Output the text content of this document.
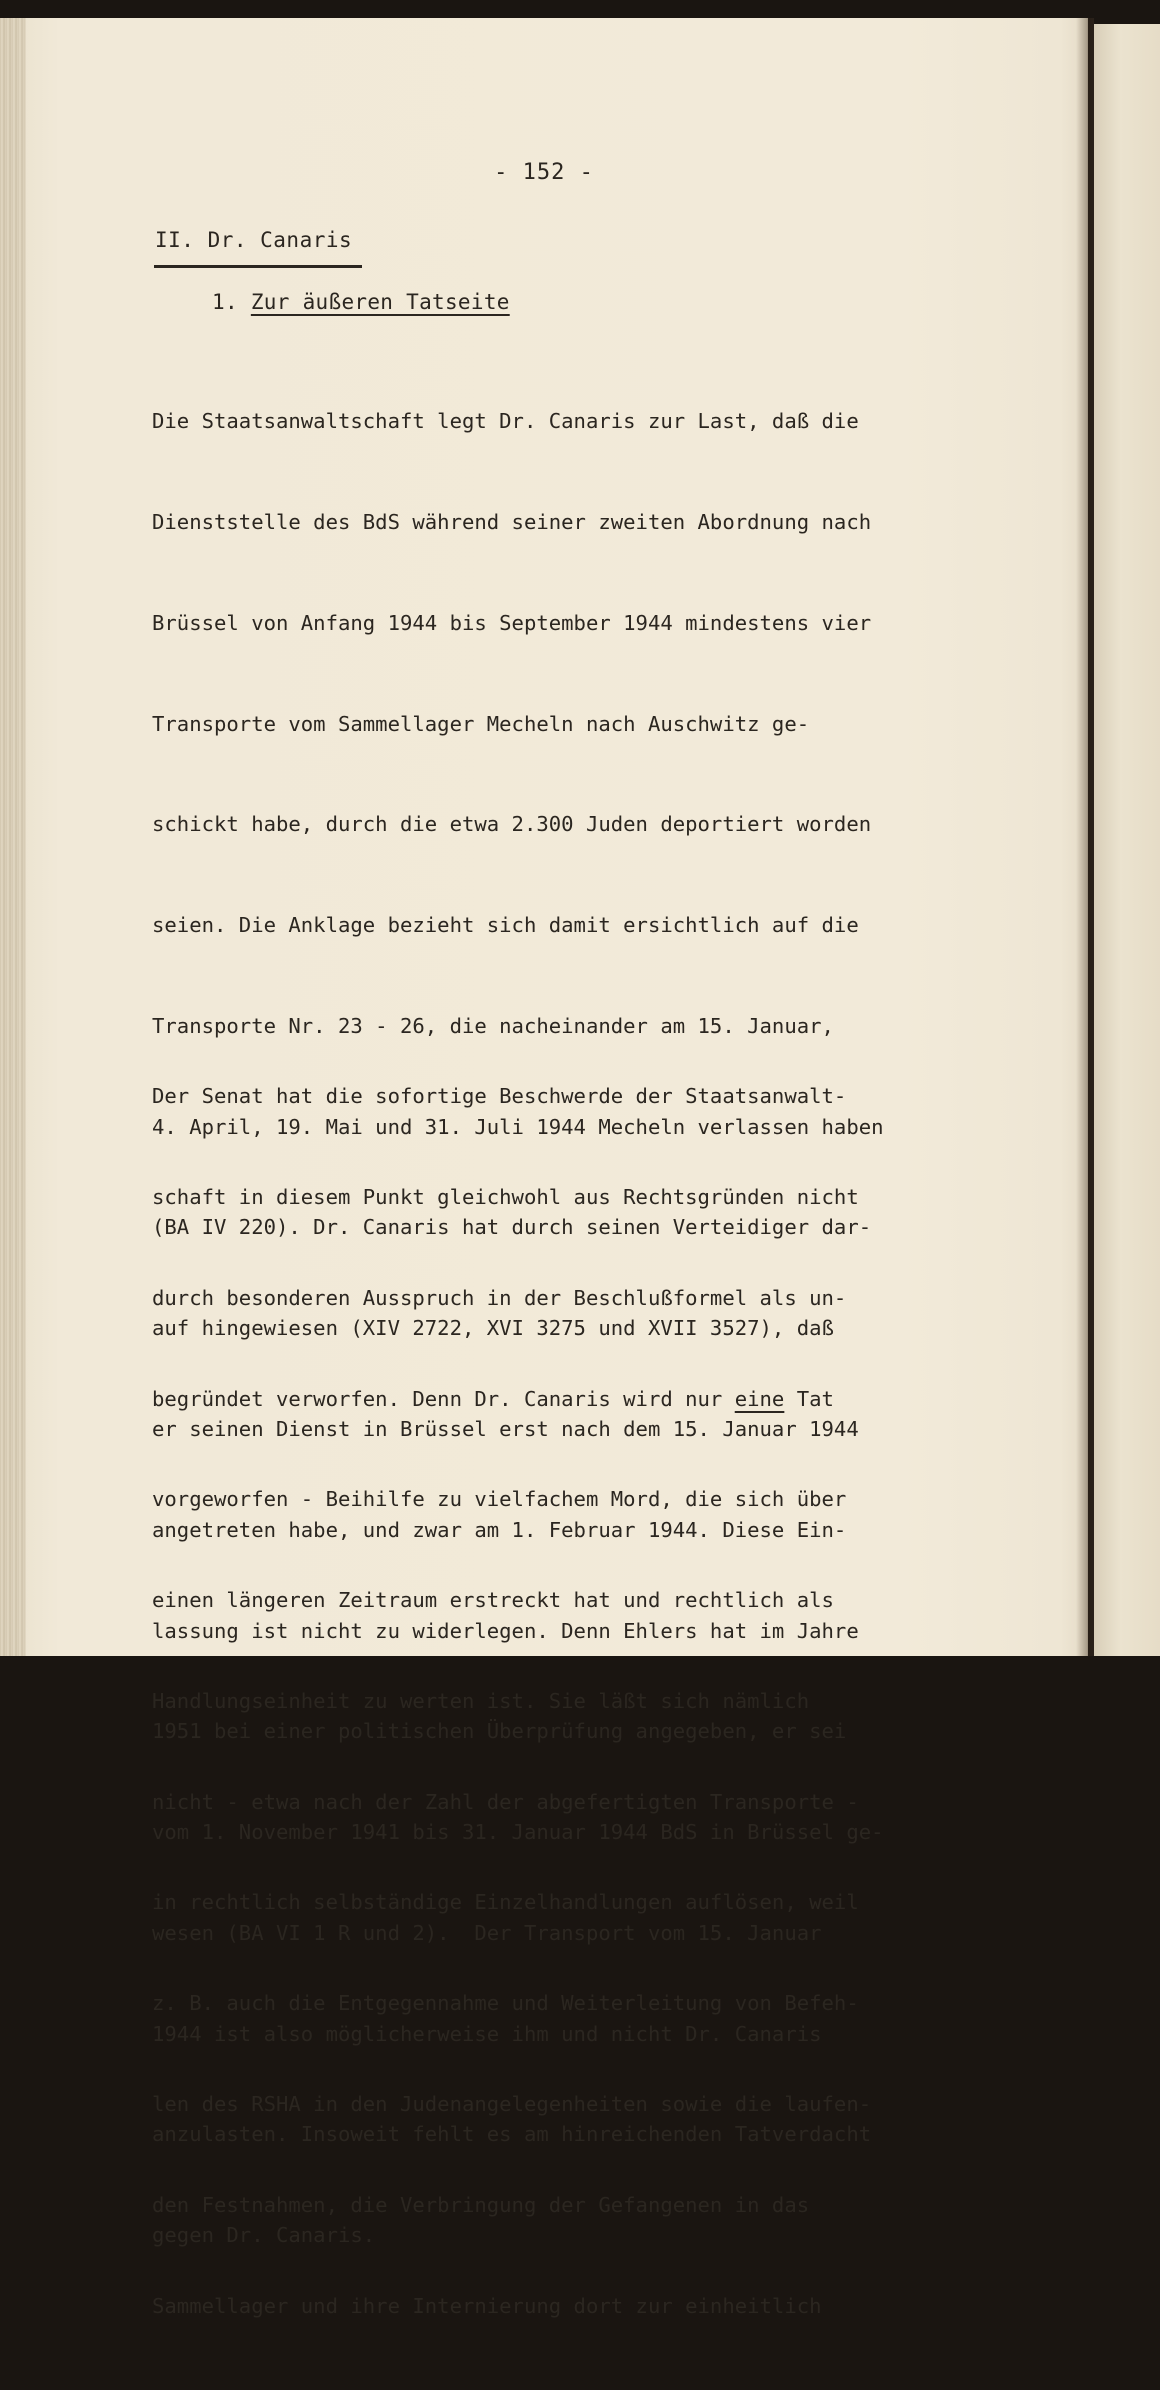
- 152 -
II. Dr. Canaris
1. Zur äußeren Tatseite

Die Staatsanwaltschaft legt Dr. Canaris zur Last, daß die

Dienststelle des BdS während seiner zweiten Abordnung nach

Brüssel von Anfang 1944 bis September 1944 mindestens vier

Transporte vom Sammellager Mecheln nach Auschwitz ge-

schickt habe, durch die etwa 2.300 Juden deportiert worden

seien. Die Anklage bezieht sich damit ersichtlich auf die

Transporte Nr. 23 - 26, die nacheinander am 15. Januar,

4. April, 19. Mai und 31. Juli 1944 Mecheln verlassen haben

(BA IV 220). Dr. Canaris hat durch seinen Verteidiger dar-

auf hingewiesen (XIV 2722, XVI 3275 und XVII 3527), daß

er seinen Dienst in Brüssel erst nach dem 15. Januar 1944

angetreten habe, und zwar am 1. Februar 1944. Diese Ein-

lassung ist nicht zu widerlegen. Denn Ehlers hat im Jahre

1951 bei einer politischen Überprüfung angegeben, er sei

vom 1. November 1941 bis 31. Januar 1944 BdS in Brüssel ge-

wesen (BA VI 1 R und 2).  Der Transport vom 15. Januar

1944 ist also möglicherweise ihm und nicht Dr. Canaris

anzulasten. Insoweit fehlt es am hinreichenden Tatverdacht

gegen Dr. Canaris.

Der Senat hat die sofortige Beschwerde der Staatsanwalt-

schaft in diesem Punkt gleichwohl aus Rechtsgründen nicht

durch besonderen Ausspruch in der Beschlußformel als un-

begründet verworfen. Denn Dr. Canaris wird nur eine Tat

vorgeworfen - Beihilfe zu vielfachem Mord, die sich über

einen längeren Zeitraum erstreckt hat und rechtlich als

Handlungseinheit zu werten ist. Sie läßt sich nämlich

nicht - etwa nach der Zahl der abgefertigten Transporte -

in rechtlich selbständige Einzelhandlungen auflösen, weil

z. B. auch die Entgegennahme und Weiterleitung von Befeh-

len des RSHA in den Judenangelegenheiten sowie die laufen-

den Festnahmen, die Verbringung der Gefangenen in das

Sammellager und ihre Internierung dort zur einheitlich
